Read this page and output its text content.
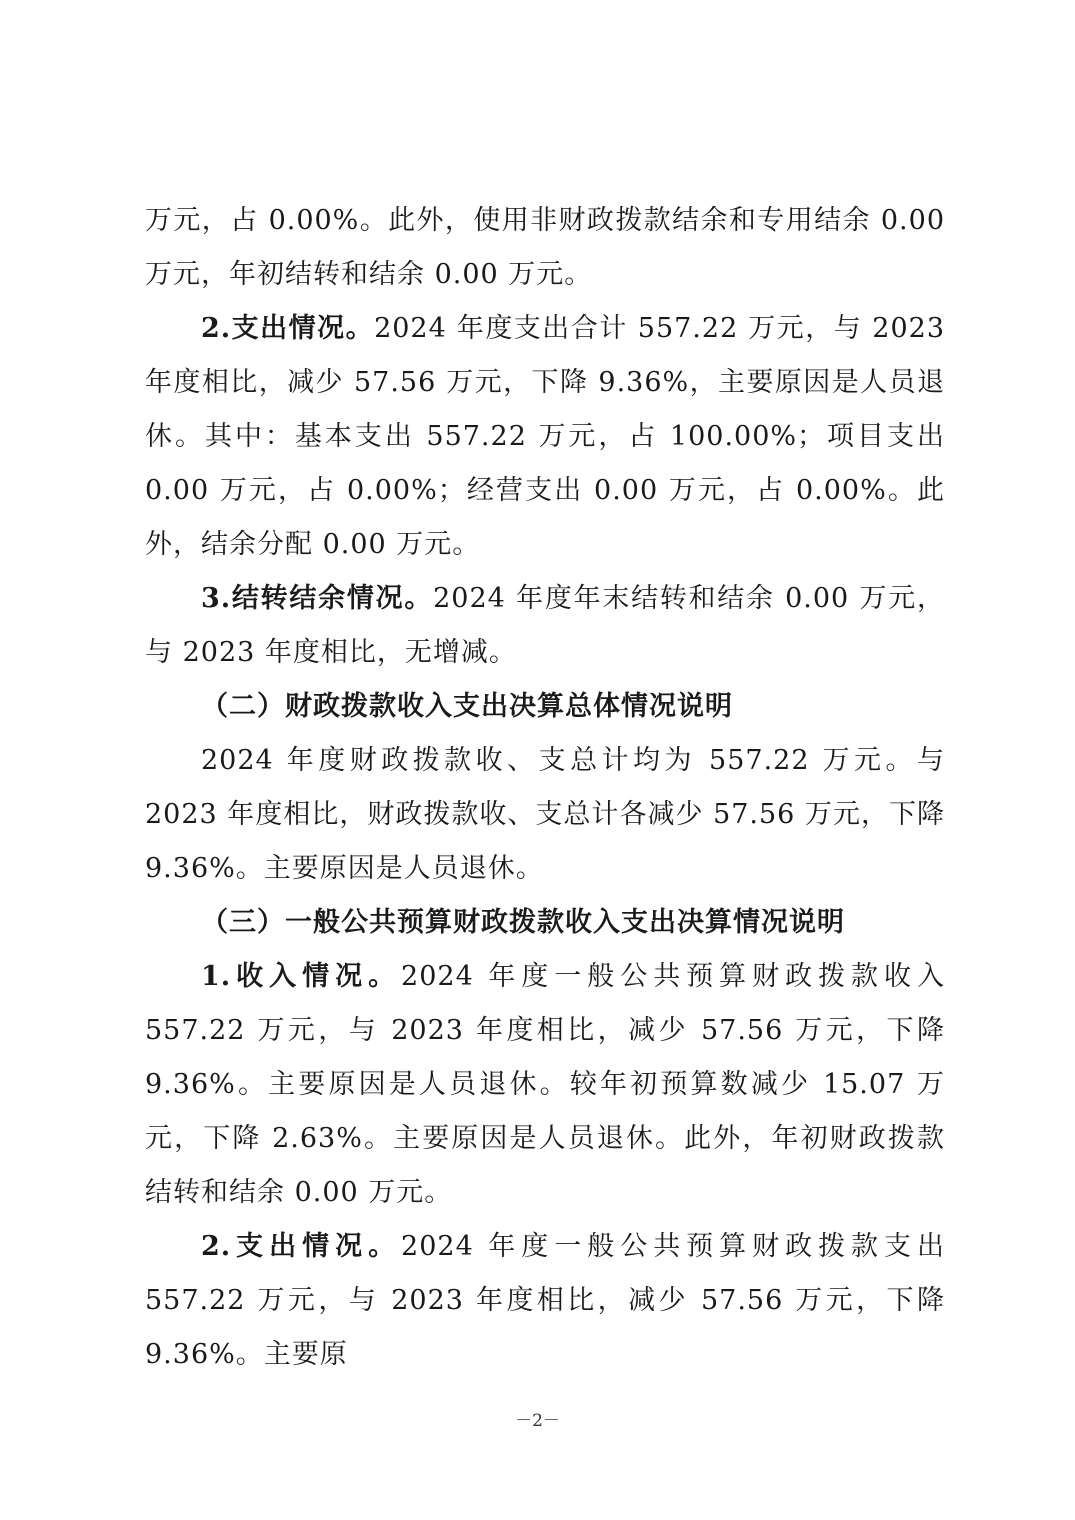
万元，占 0.00%。此外，使用非财政拨款结余和专用结余 0.00 万元，年初结转和结余 0.00 万元。

2.支出情况。2024 年度支出合计 557.22 万元，与 2023 年度相比，减少 57.56 万元，下降 9.36%，主要原因是人员退休。其中：基本支出 557.22 万元，占 100.00%；项目支出 0.00 万元，占 0.00%；经营支出 0.00 万元，占 0.00%。此外，结余分配 0.00 万元。

3.结转结余情况。2024 年度年末结转和结余 0.00 万元，与 2023 年度相比，无增减。

（二）财政拨款收入支出决算总体情况说明

2024 年度财政拨款收、支总计均为 557.22 万元。与 2023 年度相比，财政拨款收、支总计各减少 57.56 万元，下降 9.36%。主要原因是人员退休。

（三）一般公共预算财政拨款收入支出决算情况说明

1.收入情况。2024 年度一般公共预算财政拨款收入 557.22 万元，与 2023 年度相比，减少 57.56 万元，下降 9.36%。主要原因是人员退休。较年初预算数减少 15.07 万元，下降 2.63%。主要原因是人员退休。此外，年初财政拨款结转和结余 0.00 万元。

2.支出情况。2024 年度一般公共预算财政拨款支出 557.22 万元，与 2023 年度相比，减少 57.56 万元，下降 9.36%。主要原

－2－
